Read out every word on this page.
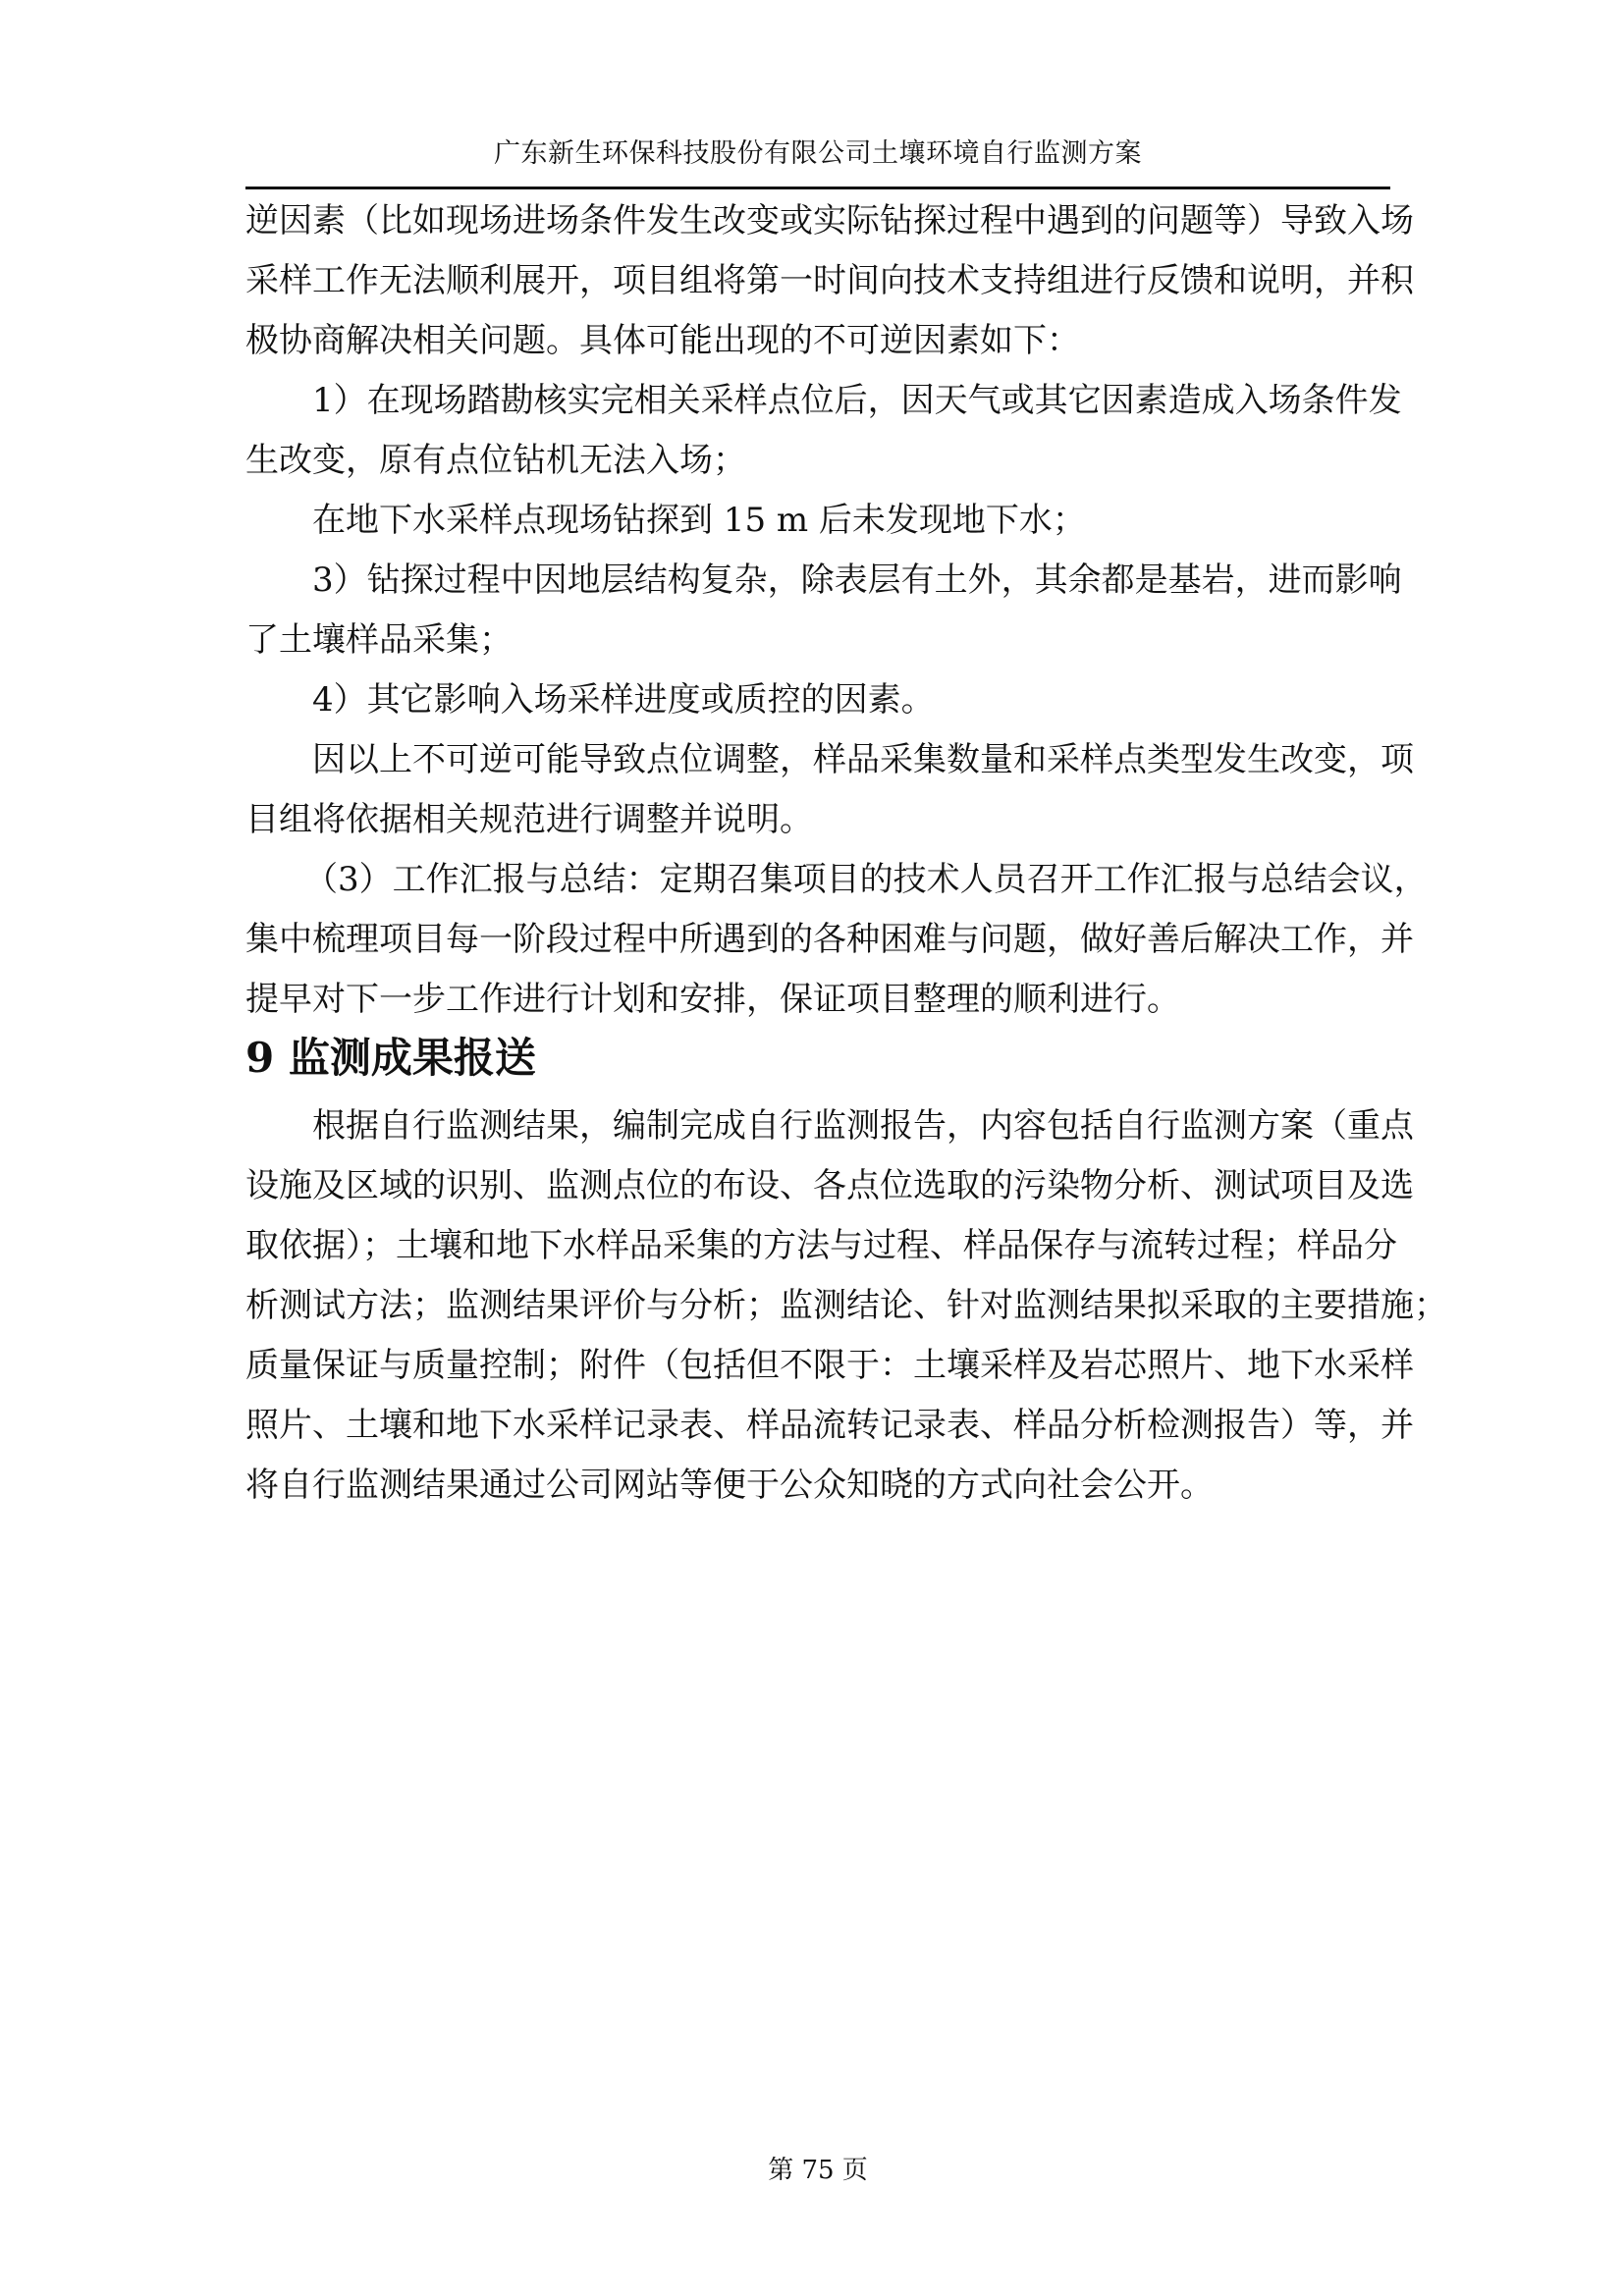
广东新生环保科技股份有限公司土壤环境自行监测方案
逆因素（比如现场进场条件发生改变或实际钻探过程中遇到的问题等）导致入场
采样工作无法顺利展开，项目组将第一时间向技术支持组进行反馈和说明，并积
极协商解决相关问题。具体可能出现的不可逆因素如下：
1）在现场踏勘核实完相关采样点位后，因天气或其它因素造成入场条件发
生改变，原有点位钻机无法入场；
在地下水采样点现场钻探到 15 m 后未发现地下水；
3）钻探过程中因地层结构复杂，除表层有土外，其余都是基岩，进而影响
了土壤样品采集；
4）其它影响入场采样进度或质控的因素。
因以上不可逆可能导致点位调整，样品采集数量和采样点类型发生改变，项
目组将依据相关规范进行调整并说明。
（3）工作汇报与总结：定期召集项目的技术人员召开工作汇报与总结会议，
集中梳理项目每一阶段过程中所遇到的各种困难与问题，做好善后解决工作，并
提早对下一步工作进行计划和安排，保证项目整理的顺利进行。
9 监测成果报送
根据自行监测结果，编制完成自行监测报告，内容包括自行监测方案（重点
设施及区域的识别、监测点位的布设、各点位选取的污染物分析、测试项目及选
取依据）；土壤和地下水样品采集的方法与过程、样品保存与流转过程；样品分
析测试方法；监测结果评价与分析；监测结论、针对监测结果拟采取的主要措施；
质量保证与质量控制；附件（包括但不限于：土壤采样及岩芯照片、地下水采样
照片、土壤和地下水采样记录表、样品流转记录表、样品分析检测报告）等，并
将自行监测结果通过公司网站等便于公众知晓的方式向社会公开。
第 75 页
